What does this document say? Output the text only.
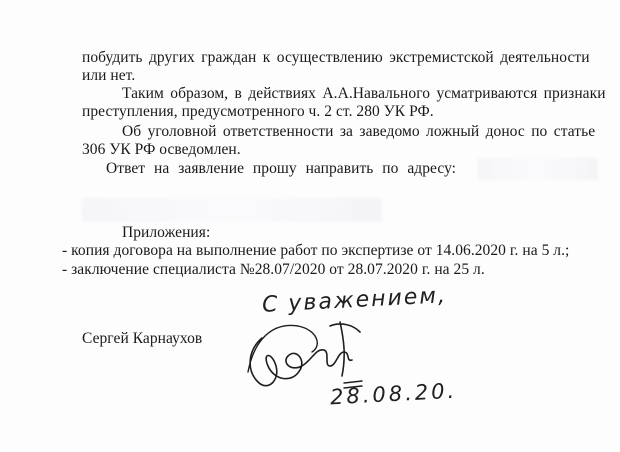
побудить других граждан к осуществлению экстремистской деятельности
или нет.
Таким образом, в действиях А.А.Навального усматриваются признаки
преступления, предусмотренного ч. 2 ст. 280 УК РФ.
Об уголовной ответственности за заведомо ложный донос по статье
306 УК РФ осведомлен.
Ответ на заявление прошу направить по адресу:
Приложения:
- копия договора на выполнение работ по экспертизе от 14.06.2020 г. на 5 л.;
- заключение специалиста №28.07/2020 от 28.07.2020 г. на 25 л.
Сергей Карнаухов
С уважением,
28.08.20.
